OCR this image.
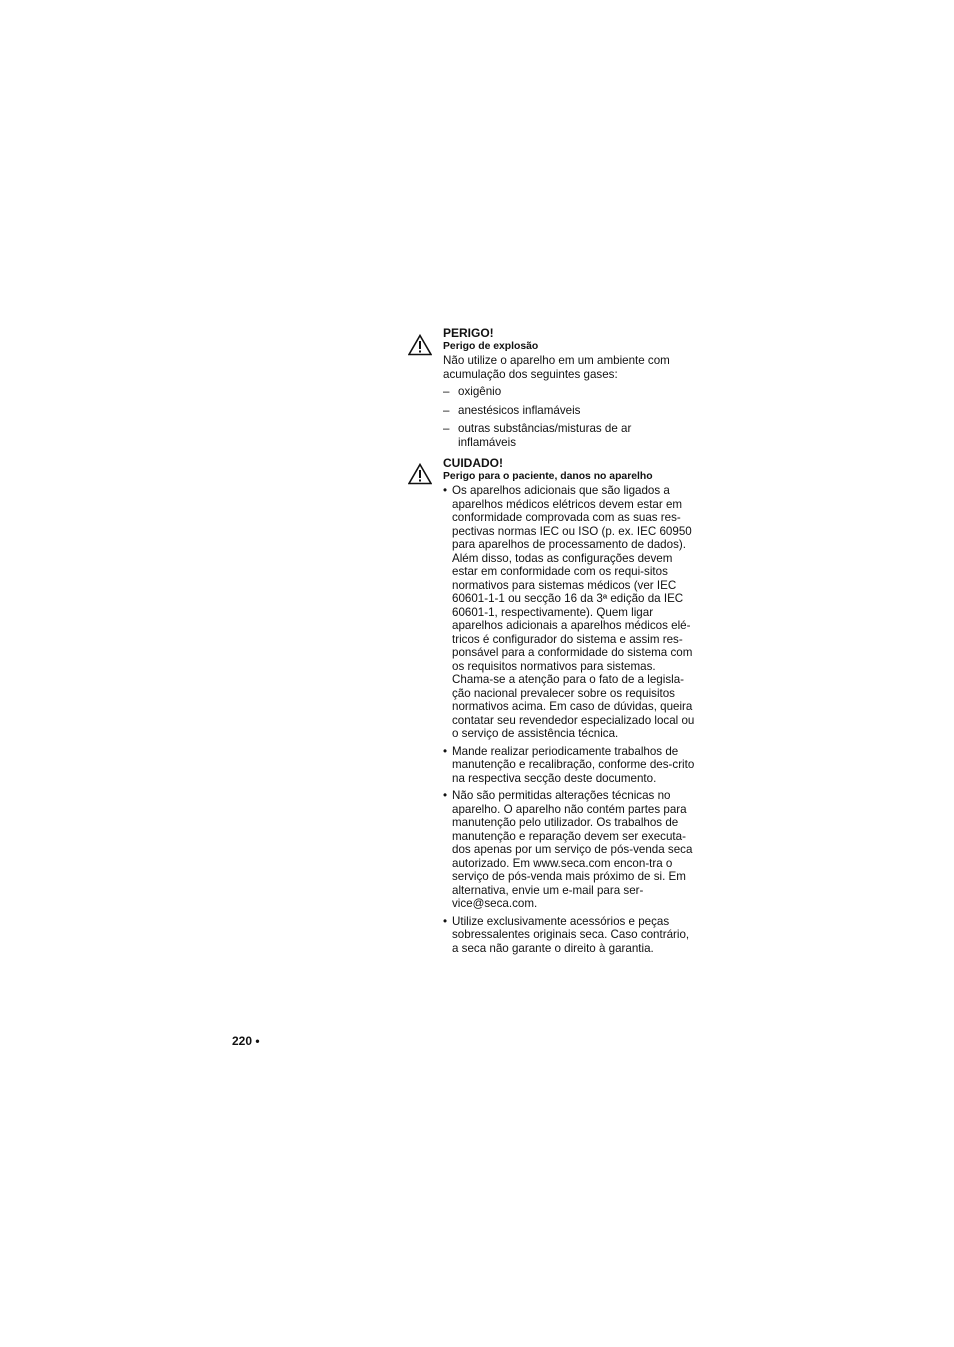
PERIGO!
Perigo de explosão

Não utilize o aparelho em um ambiente com acumulação dos seguintes gases:

– oxigênio
– anestésicos inflamáveis
– outras substâncias/misturas de ar inflamáveis
CUIDADO!
Perigo para o paciente, danos no aparelho
• Os aparelhos adicionais que são ligados a aparelhos médicos elétricos devem estar em conformidade comprovada com as suas res-pectivas normas IEC ou ISO (p. ex. IEC 60950 para aparelhos de processamento de dados). Além disso, todas as configurações devem estar em conformidade com os requi-sitos normativos para sistemas médicos (ver IEC 60601-1-1 ou secção 16 da 3ª edição da IEC 60601-1, respectivamente). Quem ligar aparelhos adicionais a aparelhos médicos elé-tricos é configurador do sistema e assim res-ponsável para a conformidade do sistema com os requisitos normativos para sistemas. Chama-se a atenção para o fato de a legisla-ção nacional prevalecer sobre os requisitos normativos acima. Em caso de dúvidas, queira contatar seu revendedor especializado local ou o serviço de assistência técnica.
• Mande realizar periodicamente trabalhos de manutenção e recalibração, conforme des-crito na respectiva secção deste documento.
• Não são permitidas alterações técnicas no aparelho. O aparelho não contém partes para manutenção pelo utilizador. Os trabalhos de manutenção e reparação devem ser executa-dos apenas por um serviço de pós-venda seca autorizado. Em www.seca.com encon-tra o serviço de pós-venda mais próximo de si. Em alternativa, envie um e-mail para ser-vice@seca.com.
• Utilize exclusivamente acessórios e peças sobressalentes originais seca. Caso contrário, a seca não garante o direito à garantia.
220 •
